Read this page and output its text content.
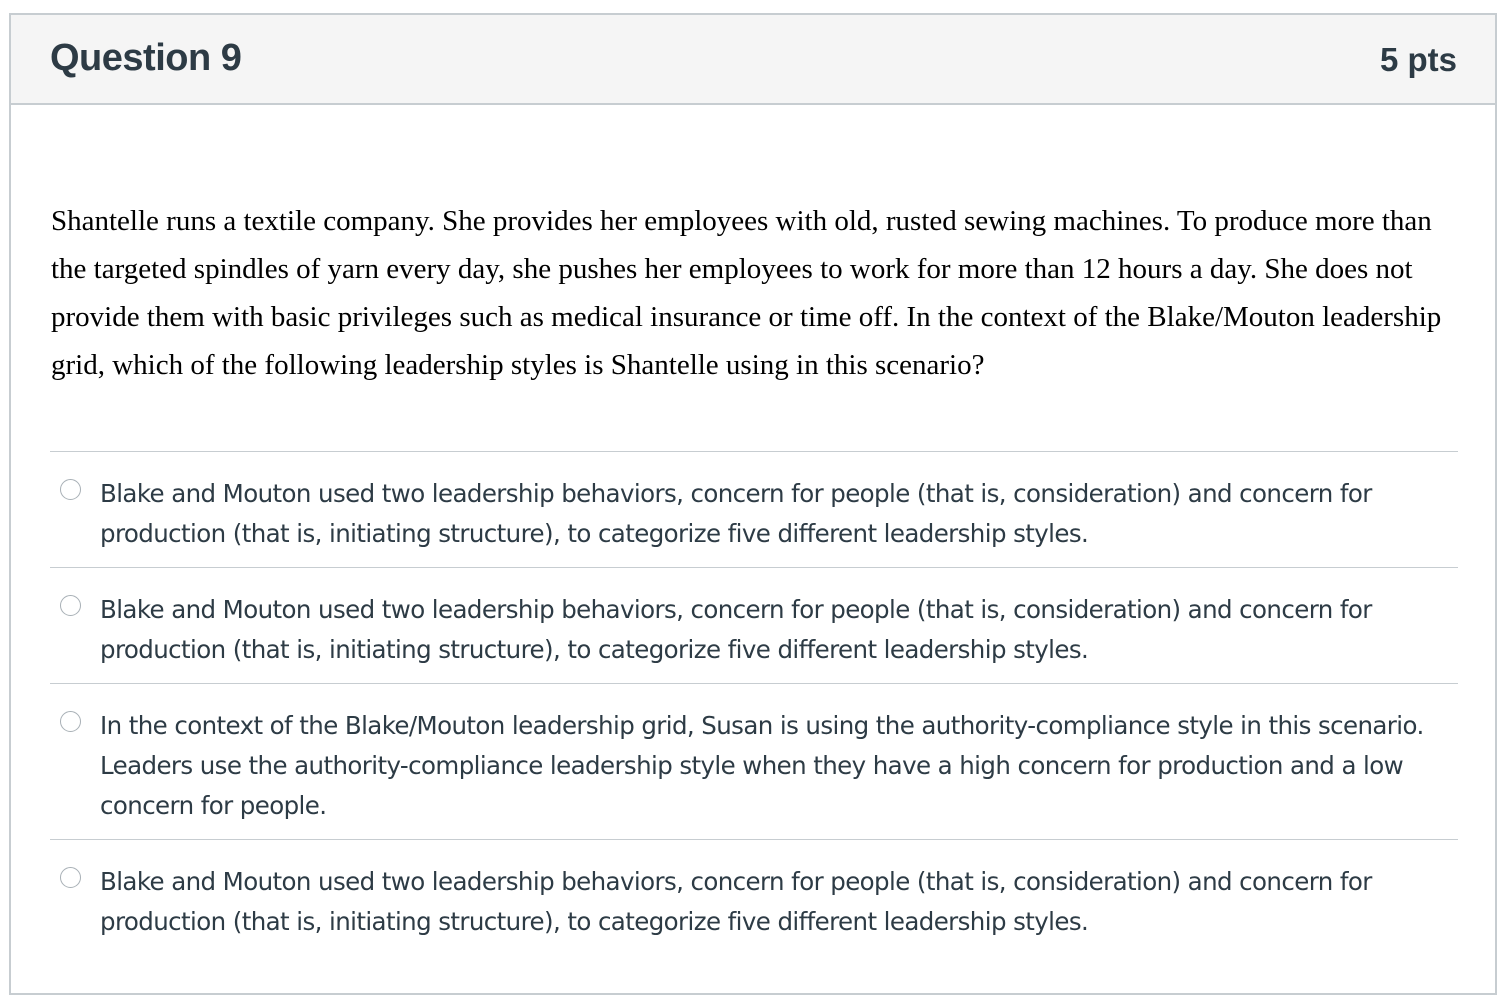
Question 9	5 pts
Shantelle runs a textile company. She provides her employees with old, rusted sewing machines. To produce more than the targeted spindles of yarn every day, she pushes her employees to work for more than 12 hours a day. She does not provide them with basic privileges such as medical insurance or time off. In the context of the Blake/Mouton leadership grid, which of the following leadership styles is Shantelle using in this scenario?
Blake and Mouton used two leadership behaviors, concern for people (that is, consideration) and concern for production (that is, initiating structure), to categorize five different leadership styles.
Blake and Mouton used two leadership behaviors, concern for people (that is, consideration) and concern for production (that is, initiating structure), to categorize five different leadership styles.
In the context of the Blake/Mouton leadership grid, Susan is using the authority-compliance style in this scenario. Leaders use the authority-compliance leadership style when they have a high concern for production and a low concern for people.
Blake and Mouton used two leadership behaviors, concern for people (that is, consideration) and concern for production (that is, initiating structure), to categorize five different leadership styles.
